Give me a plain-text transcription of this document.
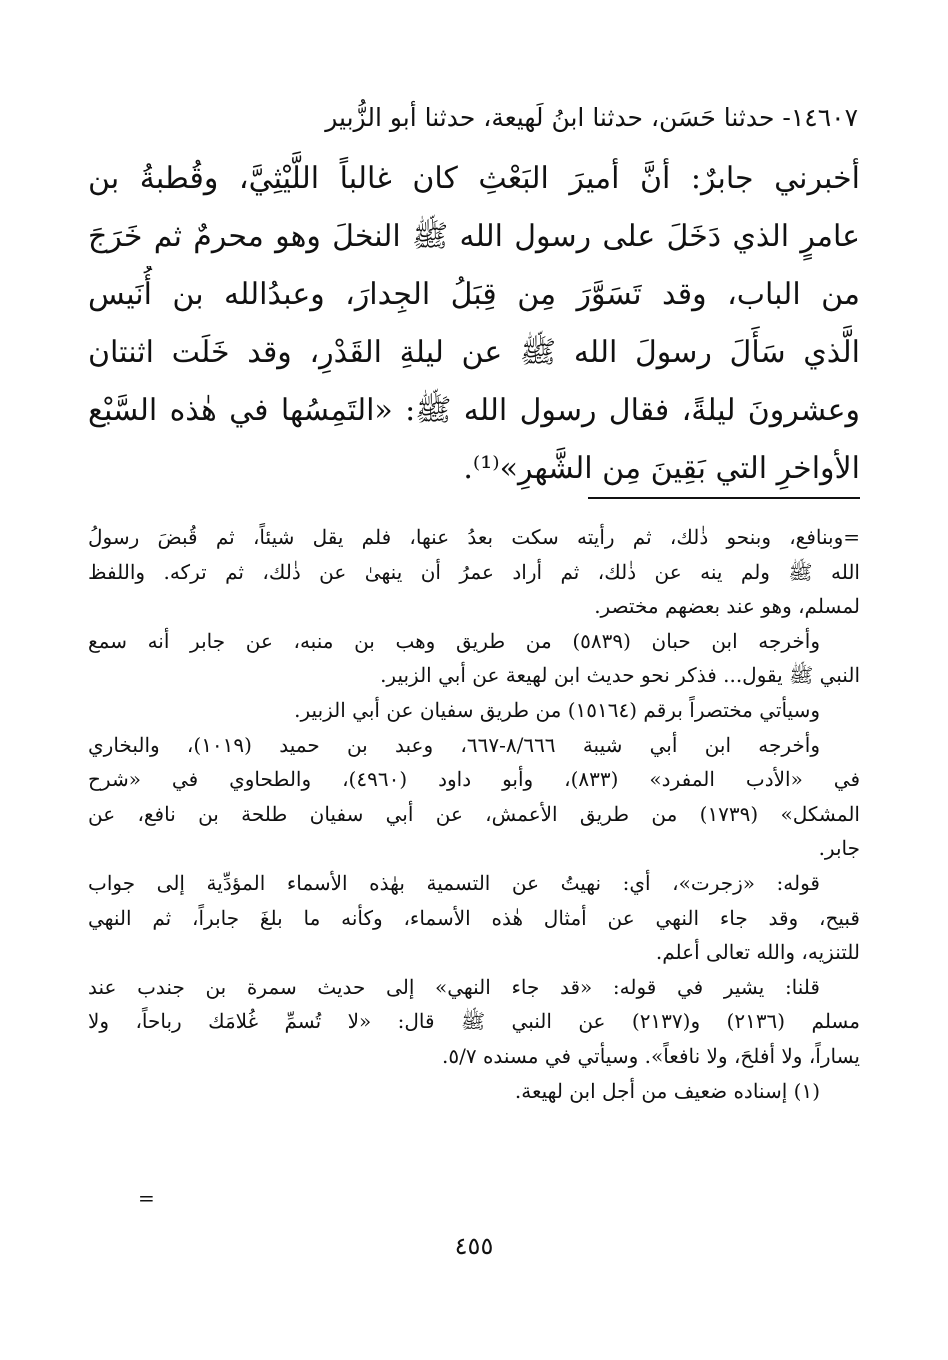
١٤٦٠٧- حدثنا حَسَن، حدثنا ابنُ لَهيعة، حدثنا أبو الزُّبير
أخبرني جابرٌ: أنَّ أميرَ البَعْثِ كان غالباً اللَّيْثِيَّ، وقُطبةُ بن
عامرٍ الذي دَخَلَ على رسول الله ﷺ النخلَ وهو محرمٌ ثم خَرَجَ
من الباب، وقد تَسَوَّرَ مِن قِبَلُ الجِدارَ، وعبدُالله بن أُنَيس
الَّذي سَأَلَ رسولَ الله ﷺ عن ليلةِ القَدْرِ، وقد خَلَت اثنتان
وعشرونَ ليلةً، فقال رسول الله ﷺ: «التَمِسُها في هٰذه السَّبْع
الأواخرِ التي بَقِينَ مِن الشَّهرِ»⁽¹⁾.
=وبنافع، وبنحو ذٰلك، ثم رأيته سكت بعدُ عنها، فلم يقل شيئاً، ثم قُبضَ رسولُ
الله ﷺ ولم ينه عن ذٰلك، ثم أراد عمرُ أن ينهىٰ عن ذٰلك، ثم تركه. واللفظ
لمسلم، وهو عند بعضهم مختصر.
وأخرجه ابن حبان (٥٨٣٩) من طريق وهب بن منبه، عن جابر أنه سمع
النبي ﷺ يقول... فذكر نحو حديث ابن لهيعة عن أبي الزبير.
وسيأتي مختصراً برقم (١٥١٦٤) من طريق سفيان عن أبي الزبير.
وأخرجه ابن أبي شيبة ٨/٦٦٦-٦٦٧، وعبد بن حميد (١٠١٩)، والبخاري
في «الأدب المفرد» (٨٣٣)، وأبو داود (٤٩٦٠)، والطحاوي في «شرح
المشكل» (١٧٣٩) من طريق الأعمش، عن أبي سفيان طلحة بن نافع، عن
جابر.
قوله: «زجرت»، أي: نهيتُ عن التسمية بهٰذه الأسماء المؤدِّية إلى جواب
قبيح، وقد جاء النهي عن أمثال هٰذه الأسماء، وكأنه ما بلغَ جابراً، ثم النهي
للتنزيه، والله تعالى أعلم.
قلنا: يشير في قوله: «قد جاء النهي» إلى حديث سمرة بن جندب عند
مسلم (٢١٣٦) و(٢١٣٧) عن النبي ﷺ قال: «لا تُسمِّ غُلامَك رباحاً، ولا
يساراً، ولا أفلحَ، ولا نافعاً». وسيأتي في مسنده ٥/٧.
(١) إسناده ضعيف من أجل ابن لهيعة.
=
٤٥٥
